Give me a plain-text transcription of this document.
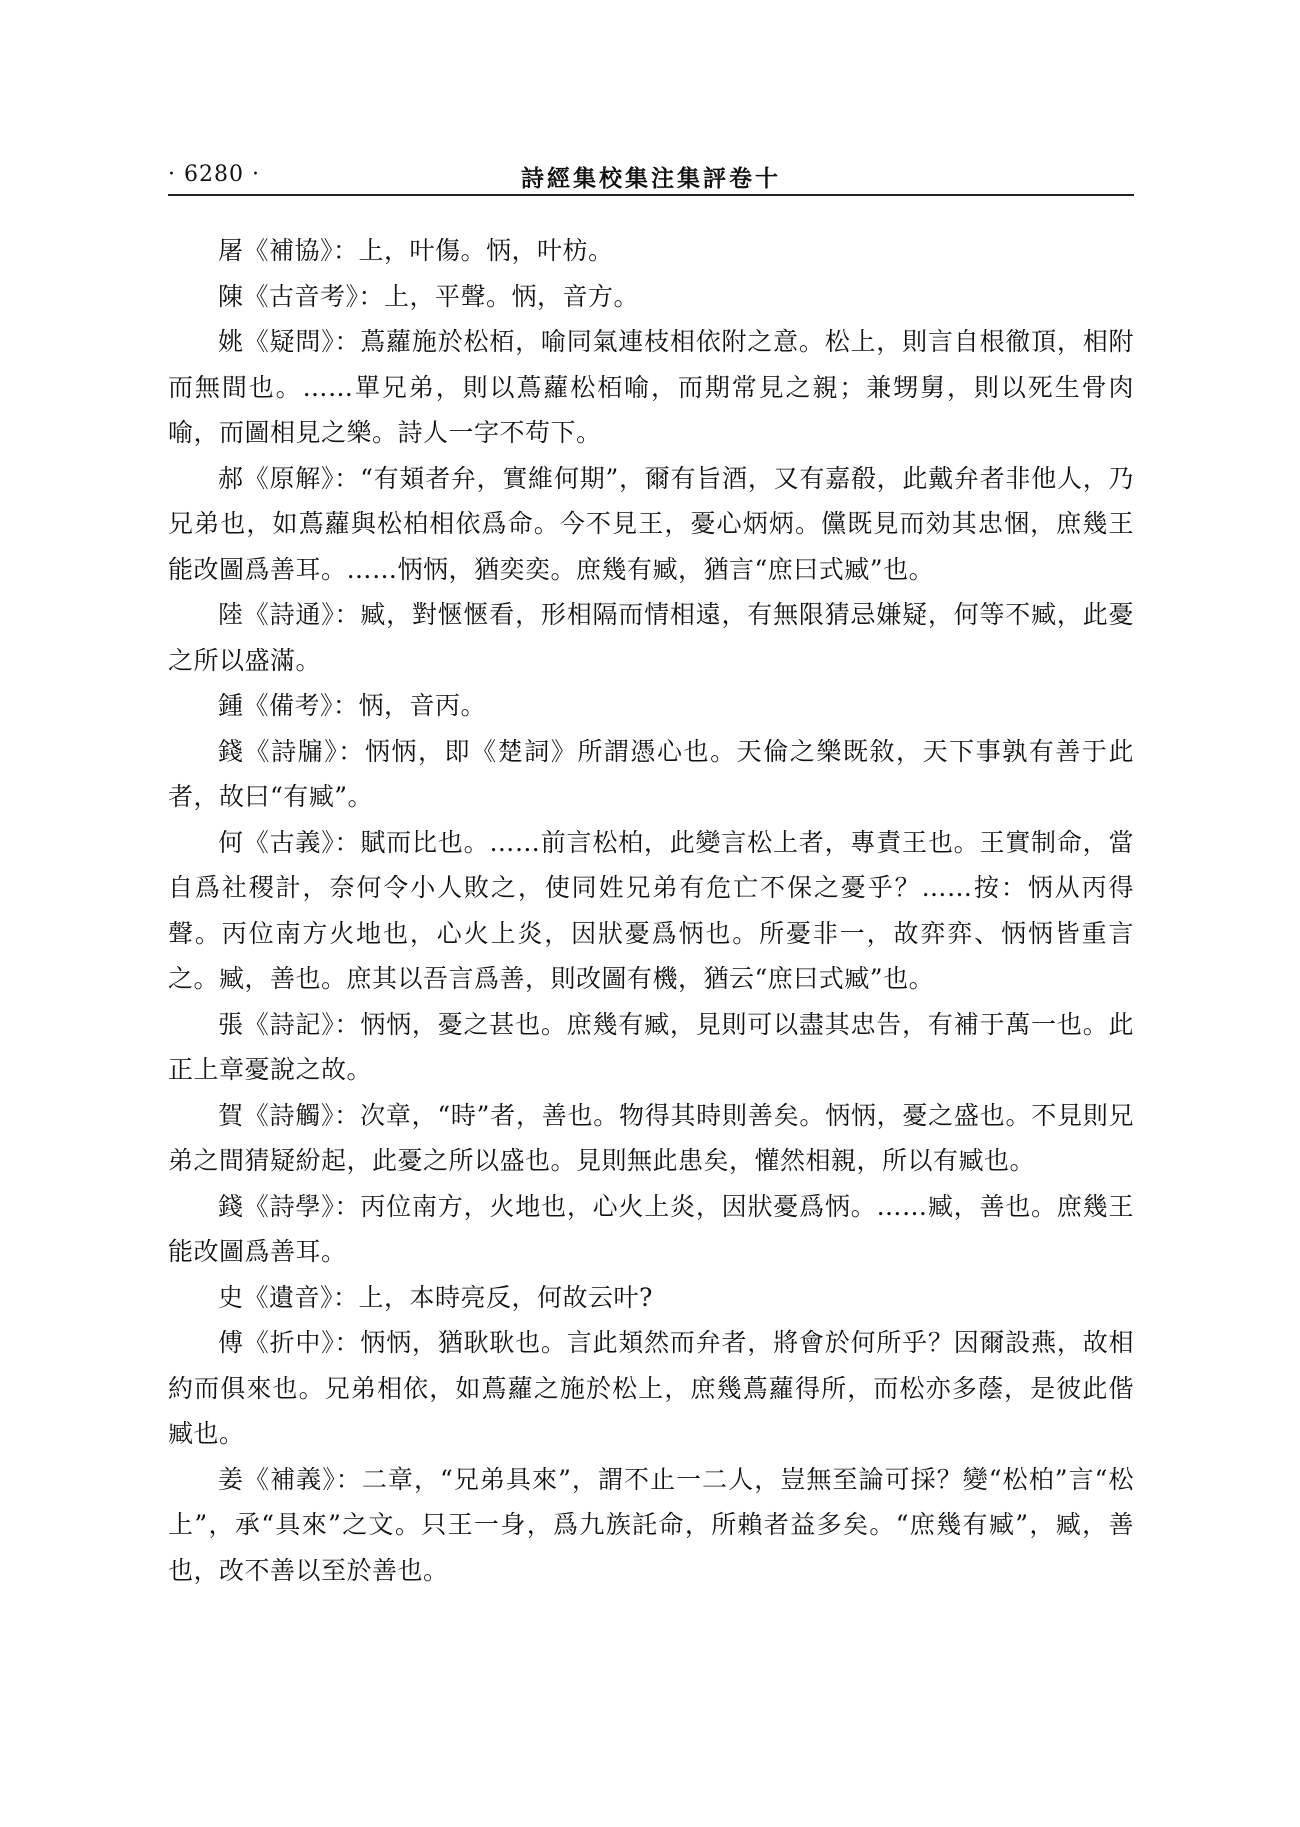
· 6280 ·	詩經集校集注集評卷十

屠《補協》：上，叶傷。怲，叶枋。

陳《古音考》：上，平聲。怲，音方。

姚《疑問》：蔦蘿施於松栢，喻同氣連枝相依附之意。松上，則言自根徹頂，相附而無間也。……單兄弟，則以蔦蘿松栢喻，而期常見之親；兼甥舅，則以死生骨肉喻，而圖相見之樂。詩人一字不苟下。

郝《原解》：“有頍者弁，實維何期”，爾有旨酒，又有嘉殽，此戴弁者非他人，乃兄弟也，如蔦蘿與松柏相依爲命。今不見王，憂心炳炳。儻既見而効其忠悃，庶幾王能改圖爲善耳。……怲怲，猶奕奕。庶幾有臧，猶言“庶曰式臧”也。

陸《詩通》：臧，對愜愜看，形相隔而情相遠，有無限猜忌嫌疑，何等不臧，此憂之所以盛滿。

鍾《備考》：怲，音丙。

錢《詩牖》：怲怲，即《楚詞》所謂憑心也。天倫之樂既敘，天下事孰有善于此者，故曰“有臧”。

何《古義》：賦而比也。……前言松柏，此變言松上者，專責王也。王實制命，當自爲社稷計，奈何令小人敗之，使同姓兄弟有危亡不保之憂乎？……按：怲从丙得聲。丙位南方火地也，心火上炎，因狀憂爲怲也。所憂非一，故弈弈、怲怲皆重言之。臧，善也。庶其以吾言爲善，則改圖有機，猶云“庶曰式臧”也。

張《詩記》：怲怲，憂之甚也。庶幾有臧，見則可以盡其忠告，有補于萬一也。此正上章憂說之故。

賀《詩觸》：次章，“時”者，善也。物得其時則善矣。怲怲，憂之盛也。不見則兄弟之間猜疑紛起，此憂之所以盛也。見則無此患矣，懽然相親，所以有臧也。

錢《詩學》：丙位南方，火地也，心火上炎，因狀憂爲怲。……臧，善也。庶幾王能改圖爲善耳。

史《遺音》：上，本時亮反，何故云叶?

傅《折中》：怲怲，猶耿耿也。言此頍然而弁者，將會於何所乎？因爾設燕，故相約而俱來也。兄弟相依，如蔦蘿之施於松上，庶幾蔦蘿得所，而松亦多蔭，是彼此偕臧也。

姜《補義》：二章，“兄弟具來”，謂不止一二人，豈無至論可採？變“松柏”言“松上”，承“具來”之文。只王一身，爲九族託命，所賴者益多矣。“庶幾有臧”，臧，善也，改不善以至於善也。
